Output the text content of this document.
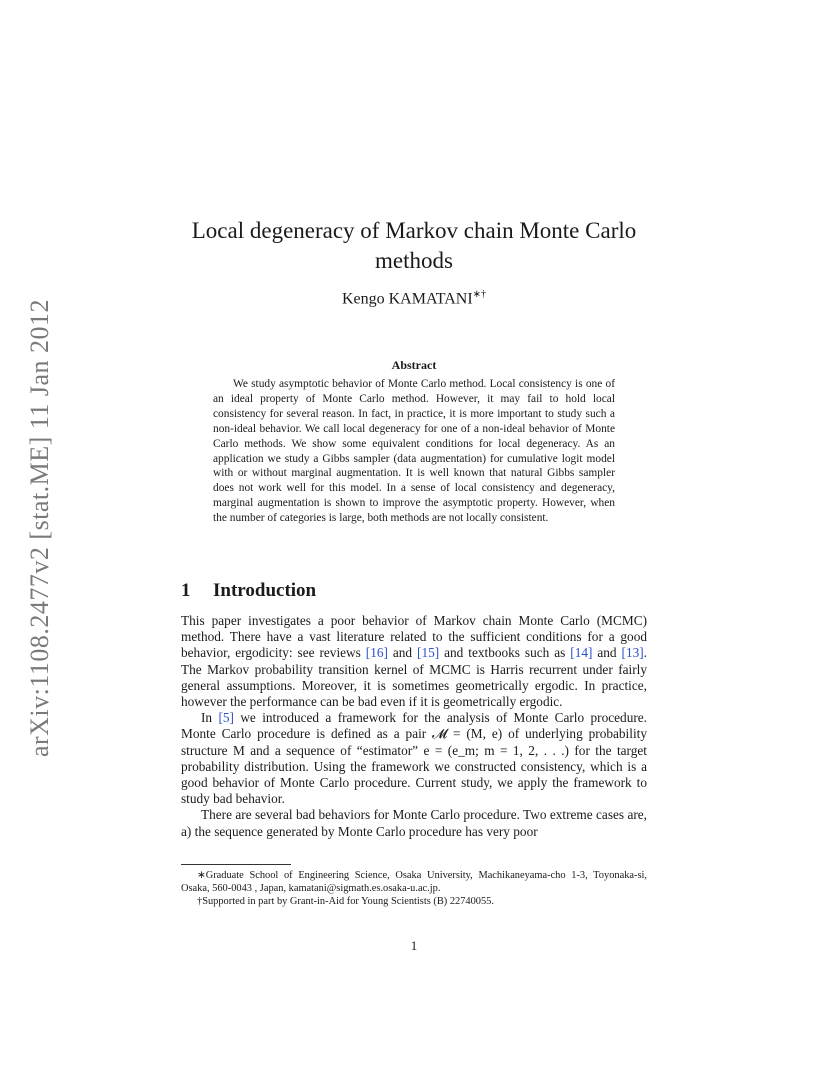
arXiv:1108.2477v2 [stat.ME] 11 Jan 2012
Local degeneracy of Markov chain Monte Carlo methods
Kengo KAMATANI∗†
Abstract
We study asymptotic behavior of Monte Carlo method. Local consistency is one of an ideal property of Monte Carlo method. However, it may fail to hold local consistency for several reason. In fact, in practice, it is more important to study such a non-ideal behavior. We call local degeneracy for one of a non-ideal behavior of Monte Carlo methods. We show some equivalent conditions for local degeneracy. As an application we study a Gibbs sampler (data augmentation) for cumulative logit model with or without marginal augmentation. It is well known that natural Gibbs sampler does not work well for this model. In a sense of local consistency and degeneracy, marginal augmentation is shown to improve the asymptotic property. However, when the number of categories is large, both methods are not locally consistent.
1 Introduction

This paper investigates a poor behavior of Markov chain Monte Carlo (MCMC) method. There have a vast literature related to the sufficient conditions for a good behavior, ergodicity: see reviews [16] and [15] and textbooks such as [14] and [13]. The Markov probability transition kernel of MCMC is Harris recurrent under fairly general assumptions. Moreover, it is sometimes geometrically ergodic. In practice, however the performance can be bad even if it is geometrically ergodic.

In [5] we introduced a framework for the analysis of Monte Carlo procedure. Monte Carlo procedure is defined as a pair 𝓜 = (M, e) of underlying probability structure M and a sequence of “estimator” e = (e_m; m = 1, 2, . . .) for the target probability distribution. Using the framework we constructed consistency, which is a good behavior of Monte Carlo procedure. Current study, we apply the framework to study bad behavior.

There are several bad behaviors for Monte Carlo procedure. Two extreme cases are, a) the sequence generated by Monte Carlo procedure has very poor

∗Graduate School of Engineering Science, Osaka University, Machikaneyama-cho 1-3, Toyonaka-si, Osaka, 560-0043 , Japan, kamatani@sigmath.es.osaka-u.ac.jp.

†Supported in part by Grant-in-Aid for Young Scientists (B) 22740055.

1
